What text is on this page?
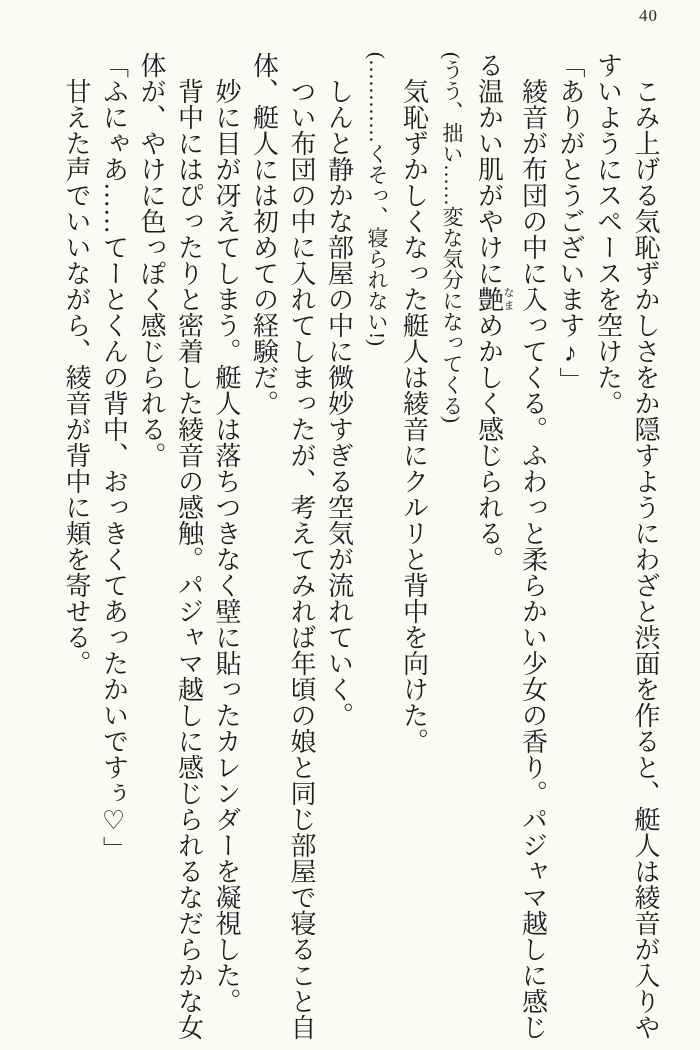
40

こみ上げる気恥ずかしさをか隠すようにわざと渋面を作ると、艇人は綾音が入りや

すいようにスペースを空けた。

「ありがとうございます♪」

綾音が布団の中に入ってくる。ふわっと柔らかい少女の香り。パジャマ越しに感じ

る温かい肌がやけに艶なまめかしく感じられる。

(うう、拙い……変な気分になってくる)

気恥ずかしくなった艇人は綾音にクルリと背中を向けた。

(…………くそっ、寝られない!)

しんと静かな部屋の中に微妙すぎる空気が流れていく。

つい布団の中に入れてしまったが、考えてみれば年頃の娘と同じ部屋で寝ること自

体、艇人には初めての経験だ。

妙に目が冴えてしまう。艇人は落ちつきなく壁に貼ったカレンダーを凝視した。

背中にはぴったりと密着した綾音の感触。パジャマ越しに感じられるなだらかな女

体が、やけに色っぽく感じられる。

「ふにゃあ……てーとくんの背中、おっきくてあったかいですぅ♡」

甘えた声でいいながら、綾音が背中に頬を寄せる。
